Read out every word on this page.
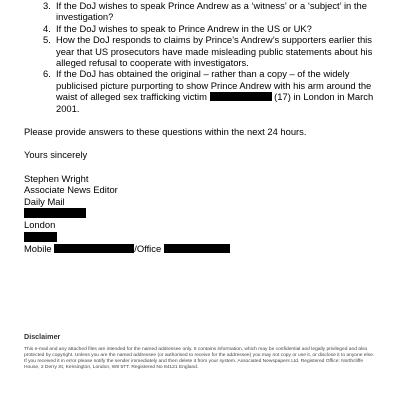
3. If the DoJ wishes to speak Prince Andrew as a ‘witness’ or a ‘subject’ in the investigation?
4. If the DoJ wishes to speak to Prince Andrew in the US or UK?
5. How the DoJ responds to claims by Prince’s Andrew’s supporters earlier this year that US prosecutors have made misleading public statements about his alleged refusal to cooperate with investigators.
6. If the DoJ has obtained the original – rather than a copy – of the widely publicised picture purporting to show Prince Andrew with his arm around the waist of alleged sex trafficking victim	(17) in London in March 2001.

Please provide answers to these questions within the next 24 hours.

Yours sincerely

Stephen Wright
Associate News Editor
Daily Mail
London
Mobile	/Office

Disclaimer

This e-mail and any attached files are intended for the named addressee only. It contains information, which may be confidential and legally privileged and also protected by copyright. Unless you are the named addressee (or authorised to receive for the addressee) you may not copy or use it, or disclose it to anyone else. If you received it in error please notify the sender immediately and then delete it from your system. Associated Newspapers Ltd. Registered Office: Northcliffe House, 2 Derry St, Kensington, London, W8 5TT. Registered No 84121 England.
